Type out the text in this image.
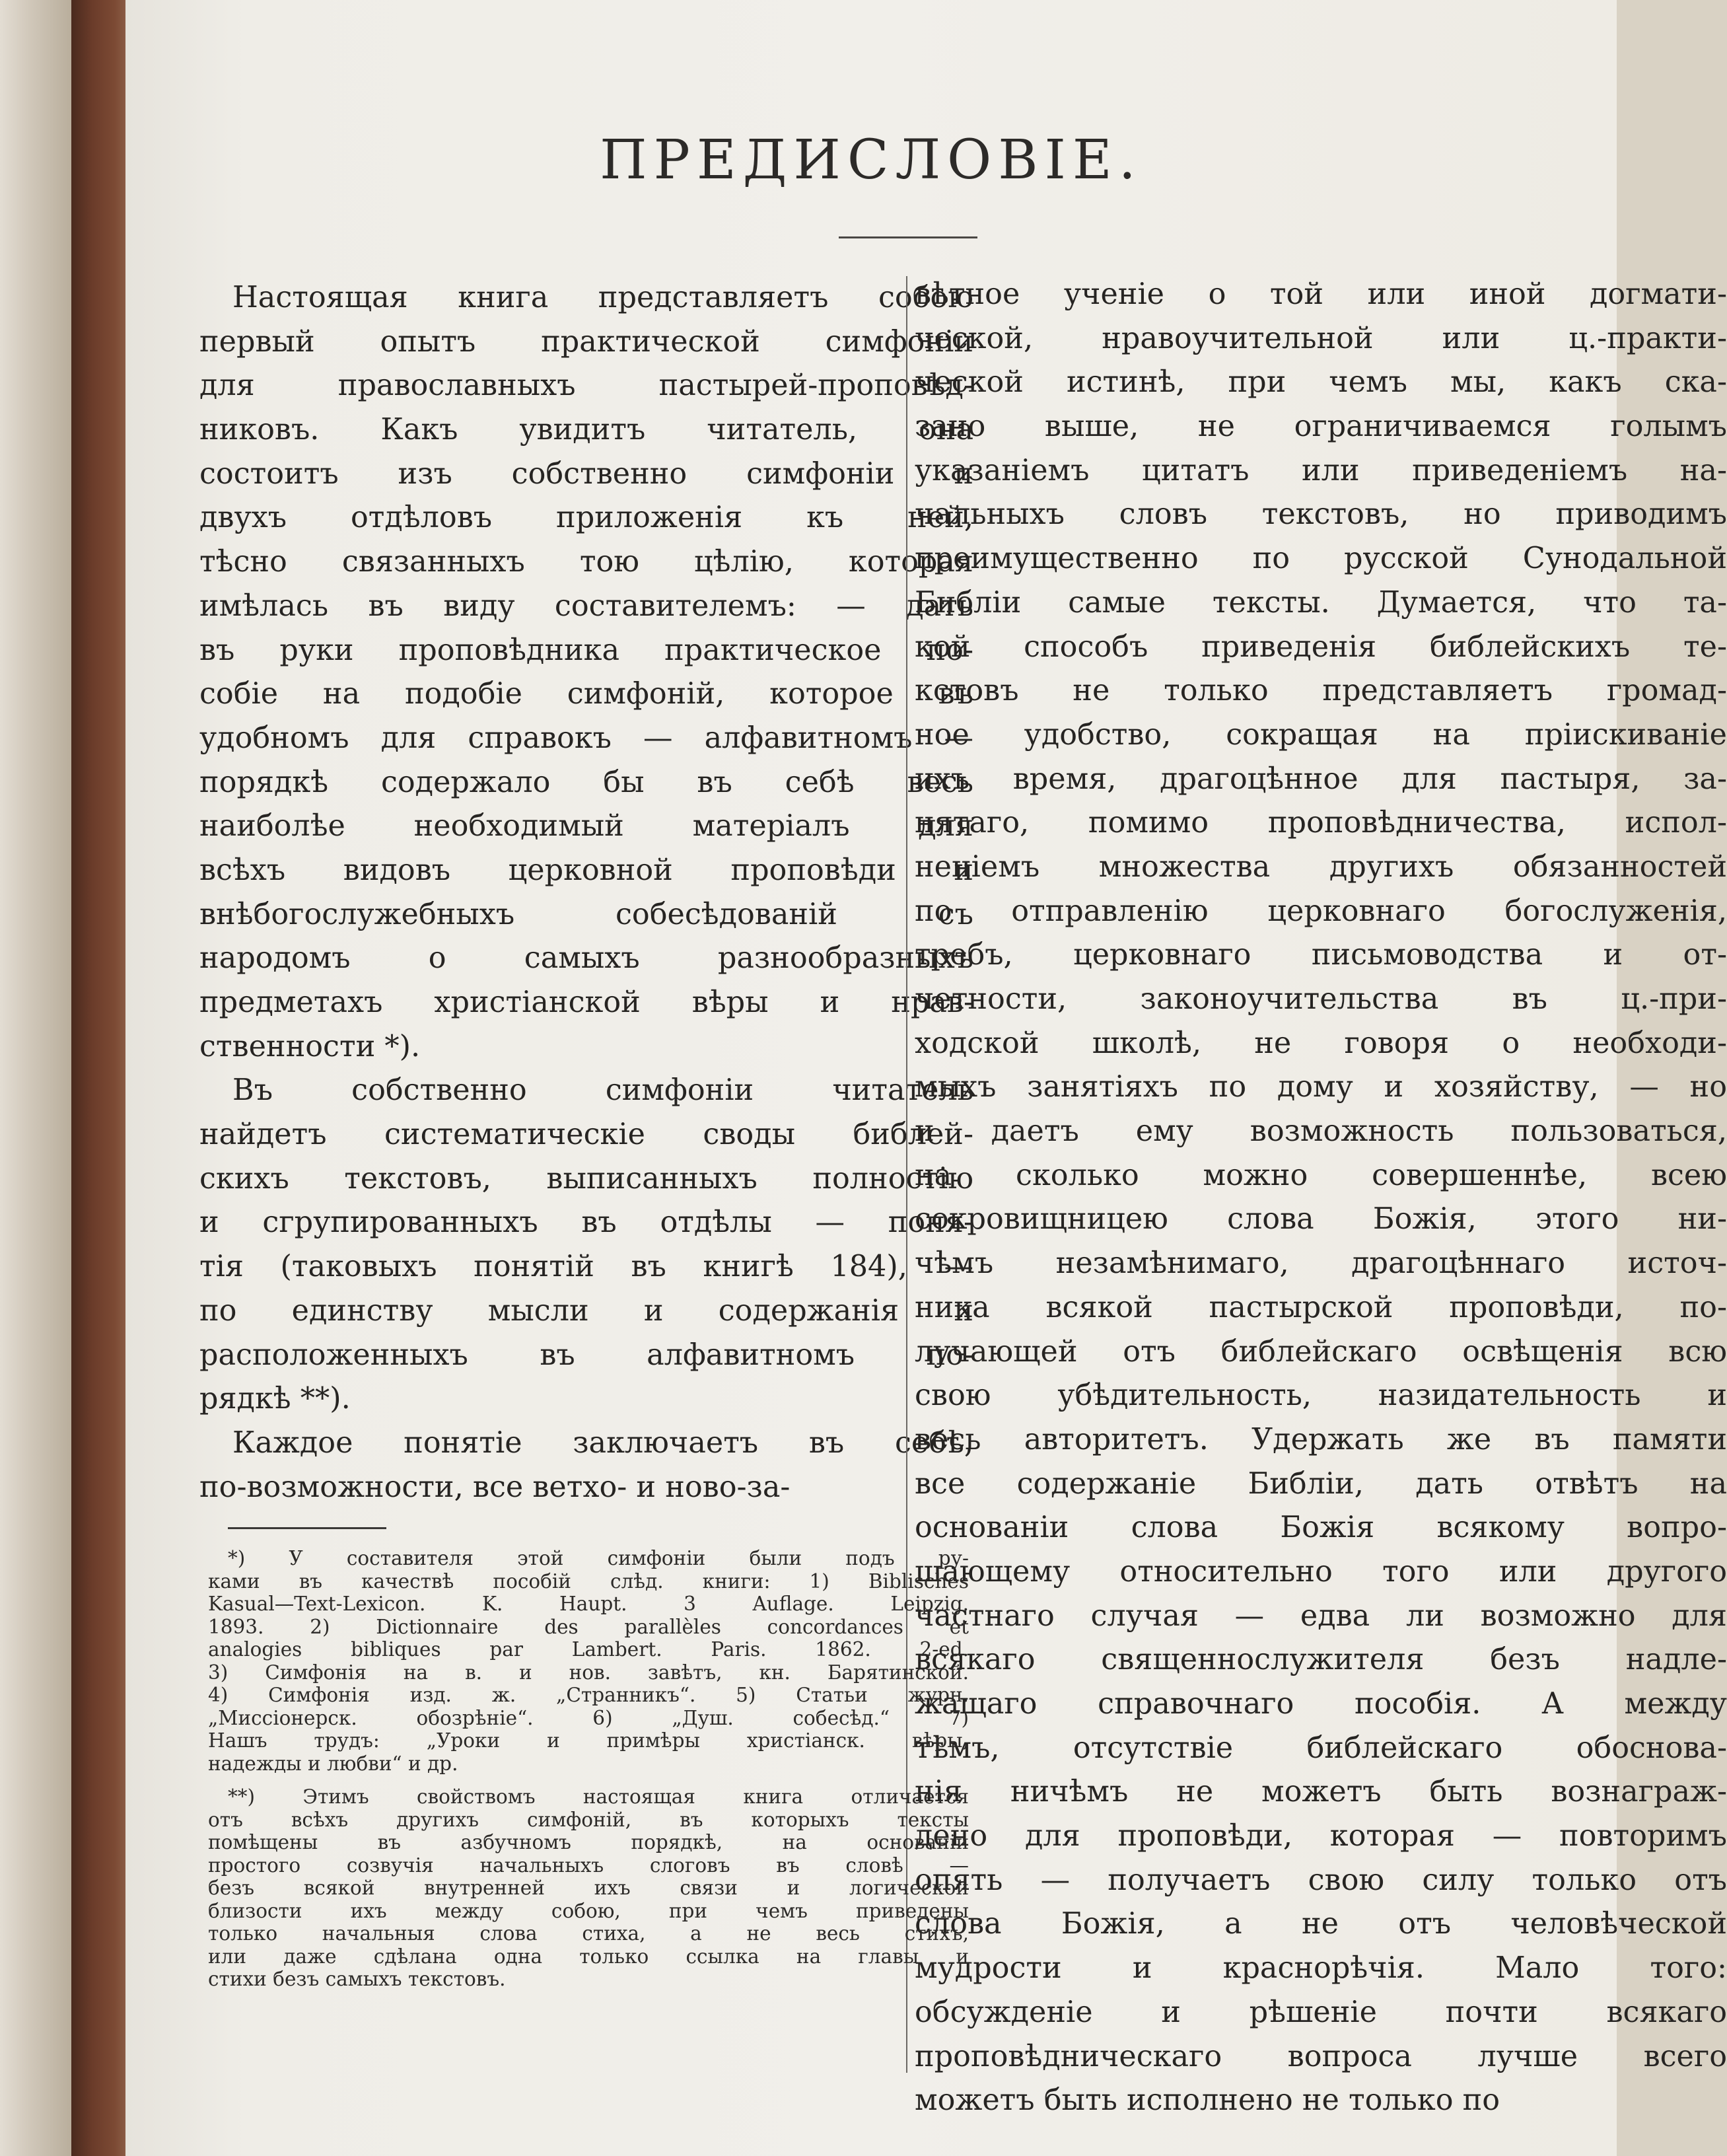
ПРЕДИСЛОВІЕ.
Настоящая книга представляетъ собою
первый опытъ практической симфоніи
для православныхъ пастырей-проповѣд-
никовъ. Какъ увидитъ читатель, она
состоитъ изъ собственно симфоніи и
двухъ отдѣловъ приложенія къ ней,
тѣсно связанныхъ тою цѣлію, которая
имѣлась въ виду составителемъ: — дать
въ руки проповѣдника практическое по-
собіе на подобіе симфоній, которое въ
удобномъ для справокъ — алфавитномъ —
порядкѣ содержало бы въ себѣ весь
наиболѣе необходимый матеріалъ для
всѣхъ видовъ церковной проповѣди и
внѣбогослужебныхъ собесѣдованій съ
народомъ о самыхъ разнообразныхъ
предметахъ христіанской вѣры и нрав-
ственности *).
Въ собственно симфоніи читатель
найдетъ систематическіе своды библей-
скихъ текстовъ, выписанныхъ полностію
и сгрупированныхъ въ отдѣлы — поня-
тія (таковыхъ понятій въ книгѣ 184), —
по единству мысли и содержанія и
расположенныхъ въ алфавитномъ по-
рядкѣ **).
Каждое понятіе заключаетъ въ себѣ,
по-возможности, все ветхо- и ново-за-
вѣтное ученіе о той или иной догмати-
ческой, нравоучительной или ц.-практи-
ческой истинѣ, при чемъ мы, какъ ска-
зано выше, не ограничиваемся голымъ
указаніемъ цитатъ или приведеніемъ на-
чальныхъ словъ текстовъ, но приводимъ
преимущественно по русской Сунодальной
Библіи самые тексты. Думается, что та-
кой способъ приведенія библейскихъ те-
кстовъ не только представляетъ громад-
ное удобство, сокращая на пріискиваніе
ихъ время, драгоцѣнное для пастыря, за-
нятаго, помимо проповѣдничества, испол-
неніемъ множества другихъ обязанностей
по отправленію церковнаго богослуженія,
требъ, церковнаго письмоводства и от-
четности, законоучительства въ ц.-при-
ходской школѣ, не говоря о необходи-
мыхъ занятіяхъ по дому и хозяйству, — но
и даетъ ему возможность пользоваться,
на сколько можно совершеннѣе, всею
сокровищницею слова Божія, этого ни-
чѣмъ незамѣнимаго, драгоцѣннаго источ-
ника всякой пастырской проповѣди, по-
лучающей отъ библейскаго освѣщенія всю
свою убѣдительность, назидательность и
весь авторитетъ. Удержать же въ памяти
все содержаніе Библіи, дать отвѣтъ на
основаніи слова Божія всякому вопро-
шающему относительно того или другого
частнаго случая — едва ли возможно для
всякаго священнослужителя безъ надле-
жащаго справочнаго пособія. А между
тѣмъ, отсутствіе библейскаго обоснова-
нія ничѣмъ не можетъ быть вознаграж-
дено для проповѣди, которая — повторимъ
опять — получаетъ свою силу только отъ
слова Божія, а не отъ человѣческой
мудрости и краснорѣчія. Мало того:
обсужденіе и рѣшеніе почти всякаго
проповѣдническаго вопроса лучше всего
можетъ быть исполнено не только по
*) У составителя этой симфоніи были подъ ру-
ками въ качествѣ пособій слѣд. книги: 1) Biblisches
Kasual—Text-Lexicon. K. Haupt. 3 Auflage. Leipzig.
1893. 2) Dictionnaire des parallèles concordances et
analogies bibliques par Lambert. Paris. 1862. 2-ed.
3) Симфонія на в. и нов. завѣтъ, кн. Барятинской.
4) Симфонія изд. ж. „Странникъ“. 5) Статьи журн.
„Миссіонерск. обозрѣніе“. 6) „Душ. собесѣд.“ 7)
Нашъ трудъ: „Уроки и примѣры христіанск. вѣры,
надежды и любви“ и др.
**) Этимъ свойствомъ настоящая книга отличается
отъ всѣхъ другихъ симфоній, въ которыхъ тексты
помѣщены въ азбучномъ порядкѣ, на основаніи
простого созвучія начальныхъ слоговъ въ словѣ —
безъ всякой внутренней ихъ связи и логической
близости ихъ между собою, при чемъ приведены
только начальныя слова стиха, а не весь стихъ,
или даже сдѣлана одна только ссылка на главы и
стихи безъ самыхъ текстовъ.
